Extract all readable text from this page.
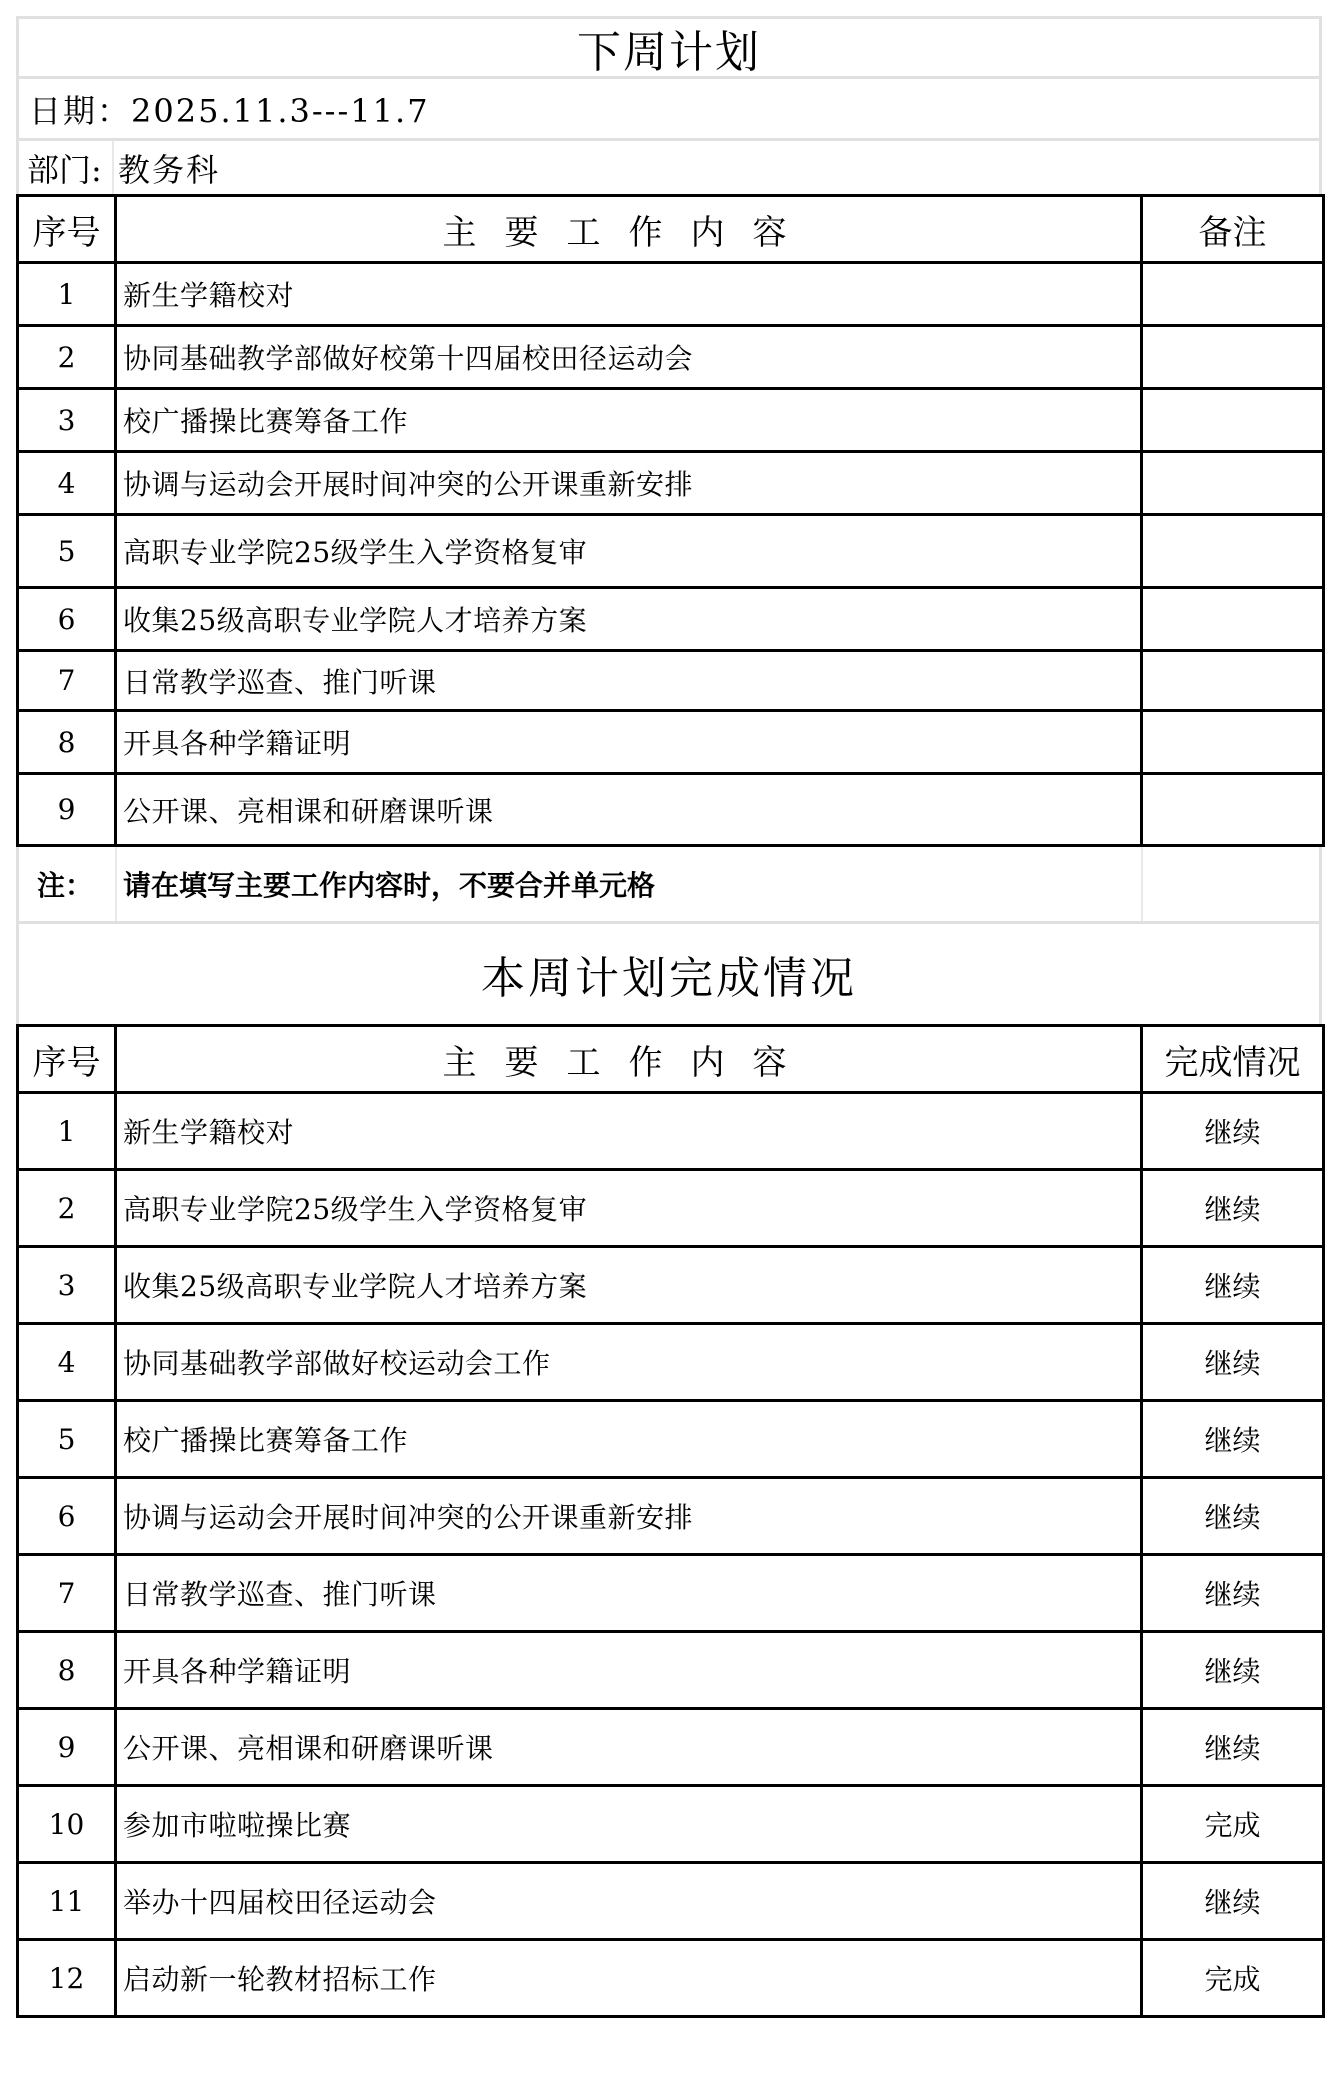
下周计划
日期：2025.11.3---11.7
部门: 教务科
序号	主要工作内容	备注
1	新生学籍校对	
2	协同基础教学部做好校第十四届校田径运动会	
3	校广播操比赛筹备工作	
4	协调与运动会开展时间冲突的公开课重新安排	
5	高职专业学院25级学生入学资格复审	
6	收集25级高职专业学院人才培养方案	
7	日常教学巡查、推门听课	
8	开具各种学籍证明	
9	公开课、亮相课和研磨课听课	
注： 请在填写主要工作内容时，不要合并单元格
本周计划完成情况
序号	主要工作内容	完成情况
1	新生学籍校对	继续
2	高职专业学院25级学生入学资格复审	继续
3	收集25级高职专业学院人才培养方案	继续
4	协同基础教学部做好校运动会工作	继续
5	校广播操比赛筹备工作	继续
6	协调与运动会开展时间冲突的公开课重新安排	继续
7	日常教学巡查、推门听课	继续
8	开具各种学籍证明	继续
9	公开课、亮相课和研磨课听课	继续
10	参加市啦啦操比赛	完成
11	举办十四届校田径运动会	继续
12	启动新一轮教材招标工作	完成
